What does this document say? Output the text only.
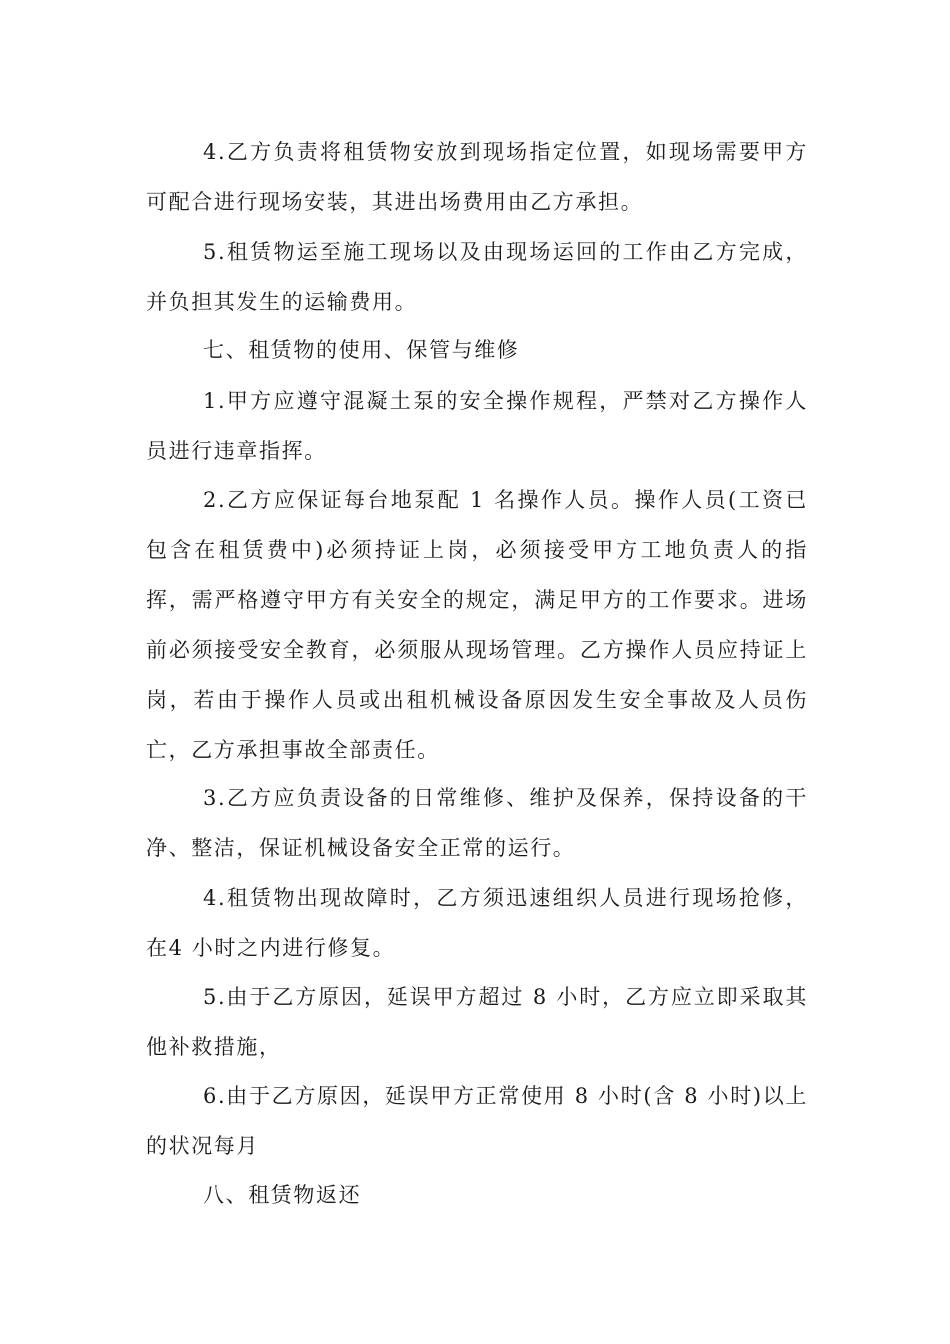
4.乙方负责将租赁物安放到现场指定位置，如现场需要甲方可配合进行现场安装，其进出场费用由乙方承担。

5.租赁物运至施工现场以及由现场运回的工作由乙方完成，并负担其发生的运输费用。

七、租赁物的使用、保管与维修

1.甲方应遵守混凝土泵的安全操作规程，严禁对乙方操作人员进行违章指挥。

2.乙方应保证每台地泵配 1 名操作人员。操作人员(工资已包含在租赁费中)必须持证上岗，必须接受甲方工地负责人的指挥，需严格遵守甲方有关安全的规定，满足甲方的工作要求。进场前必须接受安全教育，必须服从现场管理。乙方操作人员应持证上岗，若由于操作人员或出租机械设备原因发生安全事故及人员伤亡，乙方承担事故全部责任。

3.乙方应负责设备的日常维修、维护及保养，保持设备的干净、整洁，保证机械设备安全正常的运行。

4.租赁物出现故障时，乙方须迅速组织人员进行现场抢修，在4 小时之内进行修复。

5.由于乙方原因，延误甲方超过 8 小时，乙方应立即采取其他补救措施，

6.由于乙方原因，延误甲方正常使用 8 小时(含 8 小时)以上的状况每月

八、租赁物返还
